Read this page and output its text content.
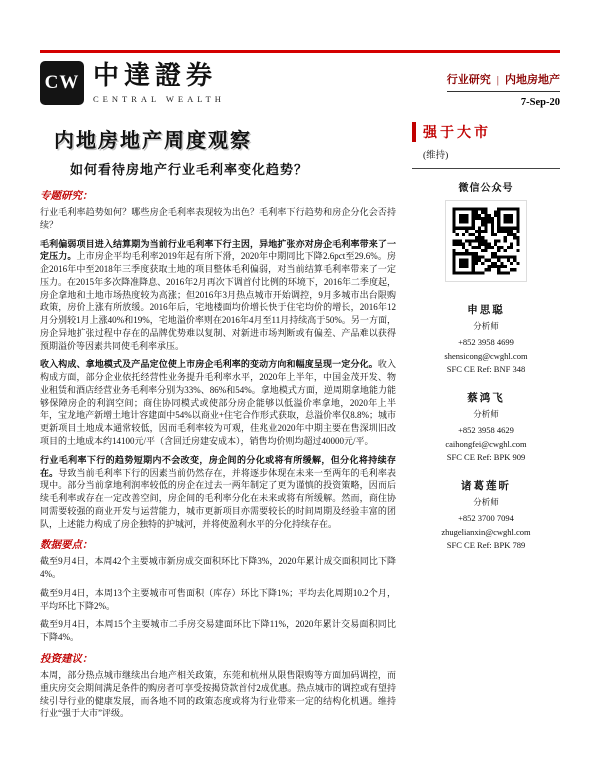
CW 中達證券
CENTRAL WEALTH
行业研究 | 内地房地产
7-Sep-20
内地房地产周度观察
如何看待房地产行业毛利率变化趋势？
专题研究：

行业毛利率趋势如何？哪些房企毛利率表现较为出色？毛利率下行趋势和房企分化会否持续？

毛利偏弱项目进入结算期为当前行业毛利率下行主因，异地扩张亦对房企毛利率带来了一定压力。上市房企平均毛利率2019年起有所下滑，2020年中期同比下降2.6pct至29.6%。房企2016年中至2018年三季度获取土地的项目整体毛利偏弱，对当前结算毛利率带来了一定压力。在2015年多次降准降息、2016年2月再次下调首付比例的环境下，2016年二季度起，房企拿地和土地市场热度较为高涨；但2016年3月热点城市开始调控，9月多城市出台限购政策，房价上涨有所放缓。2016年后，宅地楼面均价增长快于住宅均价的增长，2016年12月分别较1月上涨40%和19%，宅地溢价率则在2016年4月至11月持续高于50%。另一方面，房企异地扩张过程中存在的品牌优势难以复制、对新进市场判断或有偏差、产品难以获得预期溢价等因素共同使毛利率承压。

收入构成、拿地模式及产品定位使上市房企毛利率的变动方向和幅度呈现一定分化。收入构成方面，部分企业依托经营性业务提升毛利率水平，2020年上半年，中国金茂开发、物业租赁和酒店经营业务毛利率分别为33%、86%和54%。拿地模式方面，逆周期拿地能力能够保障房企的利润空间；商住协同模式或使部分房企能够以低溢价率拿地，2020年上半年，宝龙地产新增土地计容建面中54%以商业+住宅合作形式获取，总溢价率仅8.8%；城市更新项目土地成本通常较低，因而毛利率较为可观，佳兆业2020年中期主要在售深圳旧改项目的土地成本约14100元/平（含回迁房建安成本），销售均价则均超过40000元/平。

行业毛利率下行的趋势短期内不会改变，房企间的分化或将有所缓解，但分化将持续存在。导致当前毛利率下行的因素当前仍然存在，并将逐步体现在未来一至两年的毛利率表现中。部分当前拿地利润率较低的房企在过去一两年制定了更为谨慎的投资策略，因而后续毛利率或存在一定改善空间，房企间的毛利率分化在未来或将有所缓解。然而，商住协同需要较强的商业开发与运营能力，城市更新项目亦需要较长的时间周期及经验丰富的团队，上述能力构成了房企独特的护城河，并将使盈利水平的分化持续存在。

数据要点：

截至9月4日，本周42个主要城市新房成交面积环比下降3%，2020年累计成交面积同比下降4%。

截至9月4日，本周13个主要城市可售面积（库存）环比下降1%；平均去化周期10.2个月，平均环比下降2%。

截至9月4日，本周15个主要城市二手房交易建面环比下降11%，2020年累计交易面积同比下降4%。

投资建议：

本周，部分热点城市继续出台地产相关政策，东莞和杭州从限售限购等方面加码调控，而重庆房交会期间满足条件的购房者可享受按揭贷款首付2成优惠。热点城市的调控或有望持续引导行业的健康发展，而各地不同的政策态度或将为行业带来一定的结构化机遇。维持行业“强于大市”评级。

强于大市
(维持)
微信公众号
申思聪
分析师
+852 3958 4699
shensicong@cwghl.com
SFC CE Ref: BNF 348
蔡鸿飞
分析师
+852 3958 4629
caihongfei@cwghl.com
SFC CE Ref: BPK 909
诸葛莲昕
分析师
+852 3700 7094
zhugelianxin@cwghl.com
SFC CE Ref: BPK 789
